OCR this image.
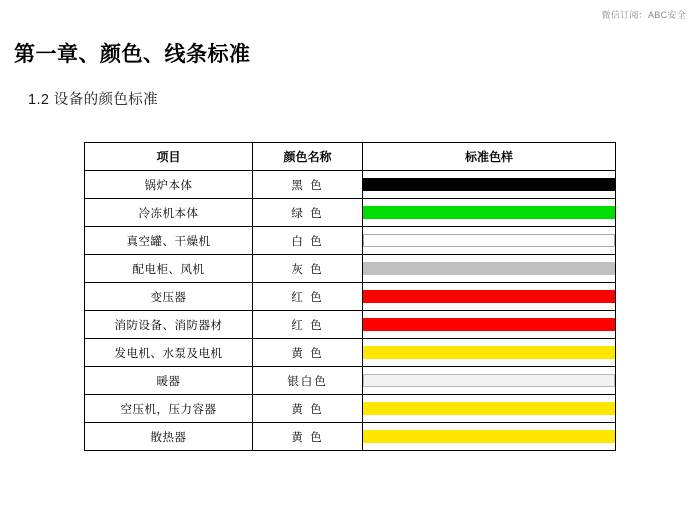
微信订阅：ABC安全
第一章、颜色、线条标准
1.2 设备的颜色标准
项目	颜色名称	标准色样
锅炉本体	黑 色	

冷冻机本体	绿 色	

真空罐、干燥机	白 色	

配电柜、风机	灰 色	

变压器	红 色	

消防设备、消防器材	红 色	

发电机、水泵及电机	黄 色	

暖器	银白色	

空压机，压力容器	黄 色	

散热器	黄 色	
